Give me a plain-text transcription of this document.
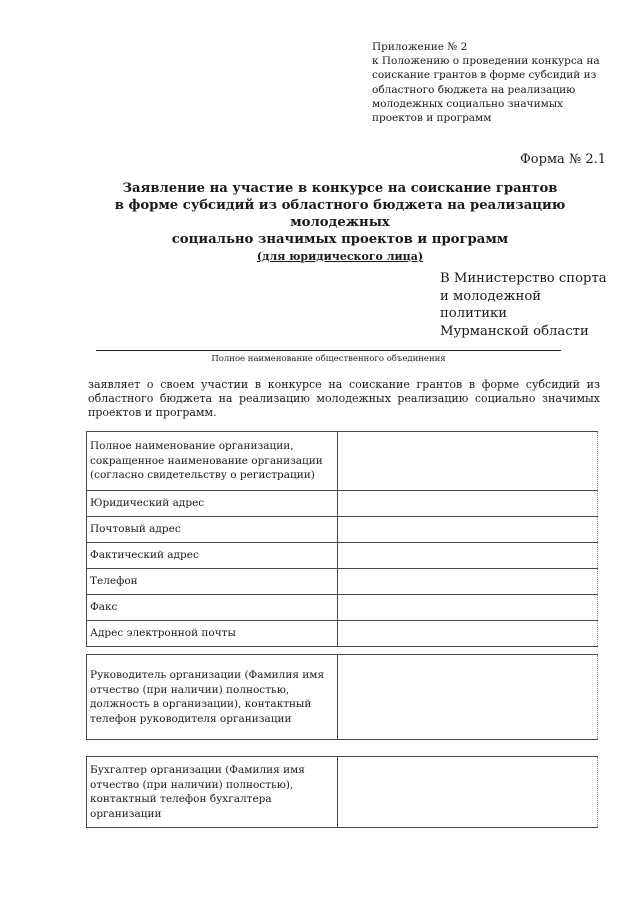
Приложение № 2
к Положению о проведении конкурса на
соискание грантов в форме субсидий из
областного бюджета на реализацию
молодежных социально значимых
проектов и программ
Форма № 2.1
Заявление на участие в конкурсе на соискание грантов
в форме субсидий из областного бюджета на реализацию молодежных
социально значимых проектов и программ
(для юридического лица)
В Министерство спорта
и молодежной политики
Мурманской области
Полное наименование общественного объединения
заявляет о своем участии в конкурсе на соискание грантов в форме субсидий из областного бюджета на реализацию молодежных реализацию социально значимых проектов и программ.
Полное наименование организации, сокращенное наименование организации (согласно свидетельству о регистрации)	
Юридический адрес	
Почтовый адрес	
Фактический адрес	
Телефон	
Факс	
Адрес электронной почты	

Руководитель организации (Фамилия имя отчество (при наличии) полностью, должность в организации), контактный телефон руководителя организации	

Бухгалтер организации (Фамилия имя отчество (при наличии) полностью), контактный телефон бухгалтера организации	
